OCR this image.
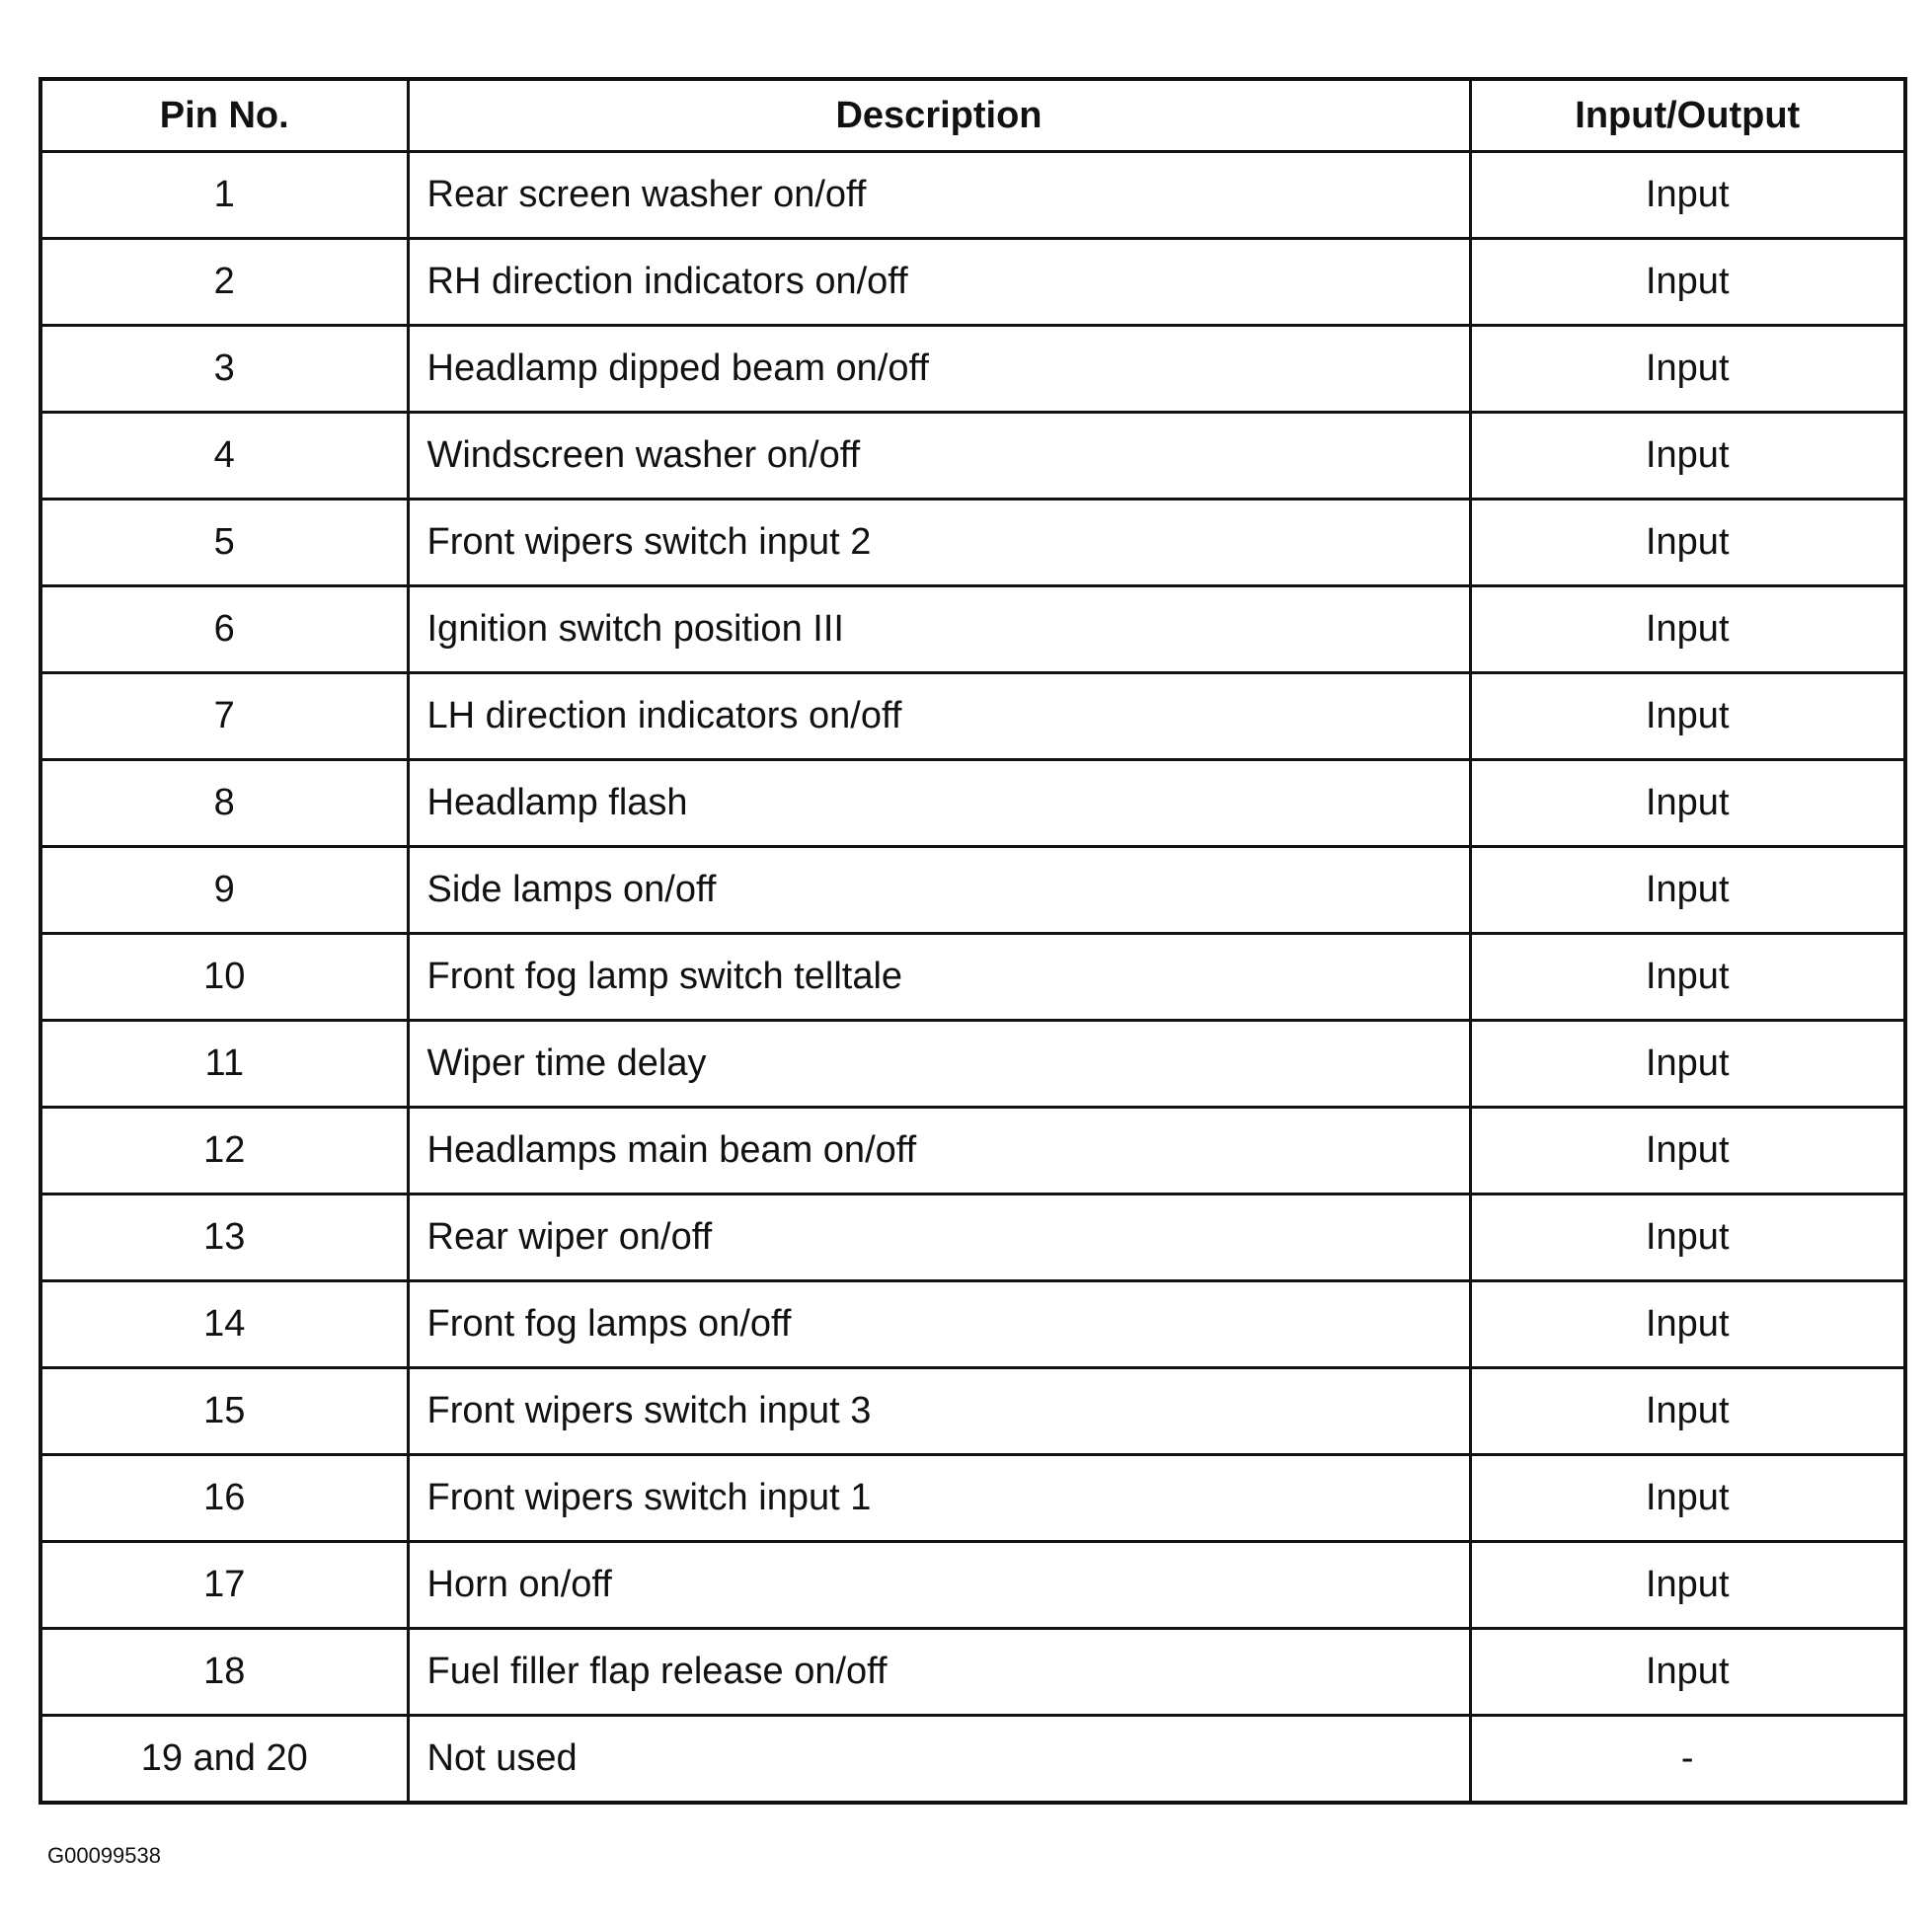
Pin No.	Description	Input/Output
1	Rear screen washer on/off	Input
2	RH direction indicators on/off	Input
3	Headlamp dipped beam on/off	Input
4	Windscreen washer on/off	Input
5	Front wipers switch input 2	Input
6	Ignition switch position III	Input
7	LH direction indicators on/off	Input
8	Headlamp flash	Input
9	Side lamps on/off	Input
10	Front fog lamp switch telltale	Input
11	Wiper time delay	Input
12	Headlamps main beam on/off	Input
13	Rear wiper on/off	Input
14	Front fog lamps on/off	Input
15	Front wipers switch input 3	Input
16	Front wipers switch input 1	Input
17	Horn on/off	Input
18	Fuel filler flap release on/off	Input
19 and 20	Not used	-
G00099538
